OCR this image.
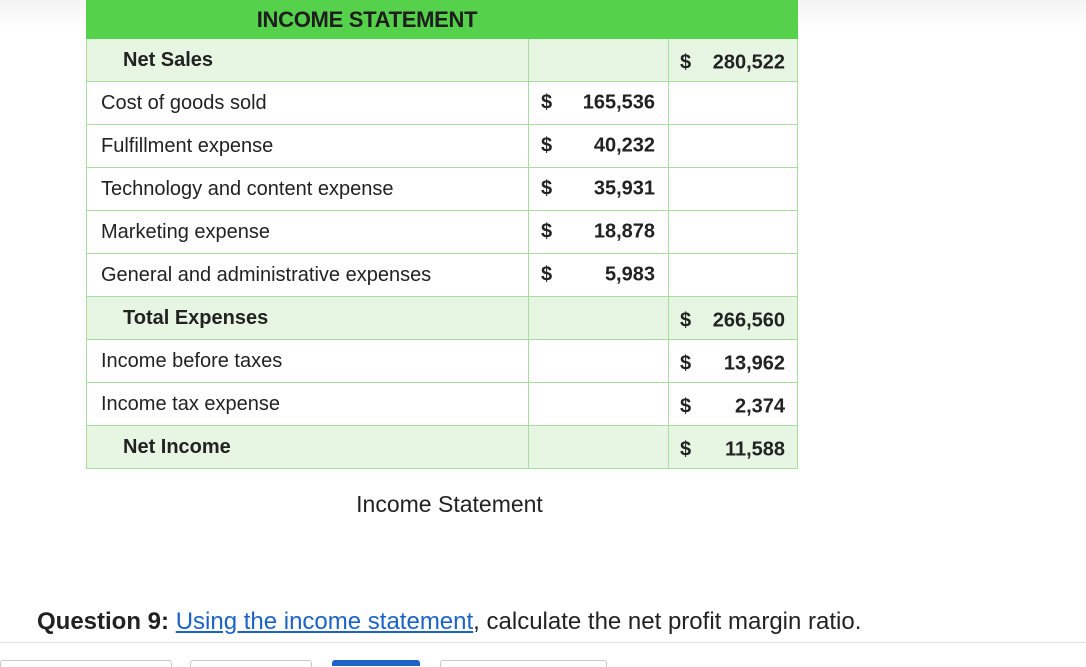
INCOME STATEMENT		
Net Sales		$ 280,522

Cost of goods sold	$ 165,536	

Fulfillment expense	$ 40,232	

Technology and content expense	$ 35,931	

Marketing expense	$ 18,878	

General and administrative expenses	$ 5,983	

Total Expenses		$ 266,560

Income before taxes		$ 13,962

Income tax expense		$ 2,374

Net Income		$ 11,588
Income Statement
Question 9: Using the income statement, calculate the net profit margin ratio.
